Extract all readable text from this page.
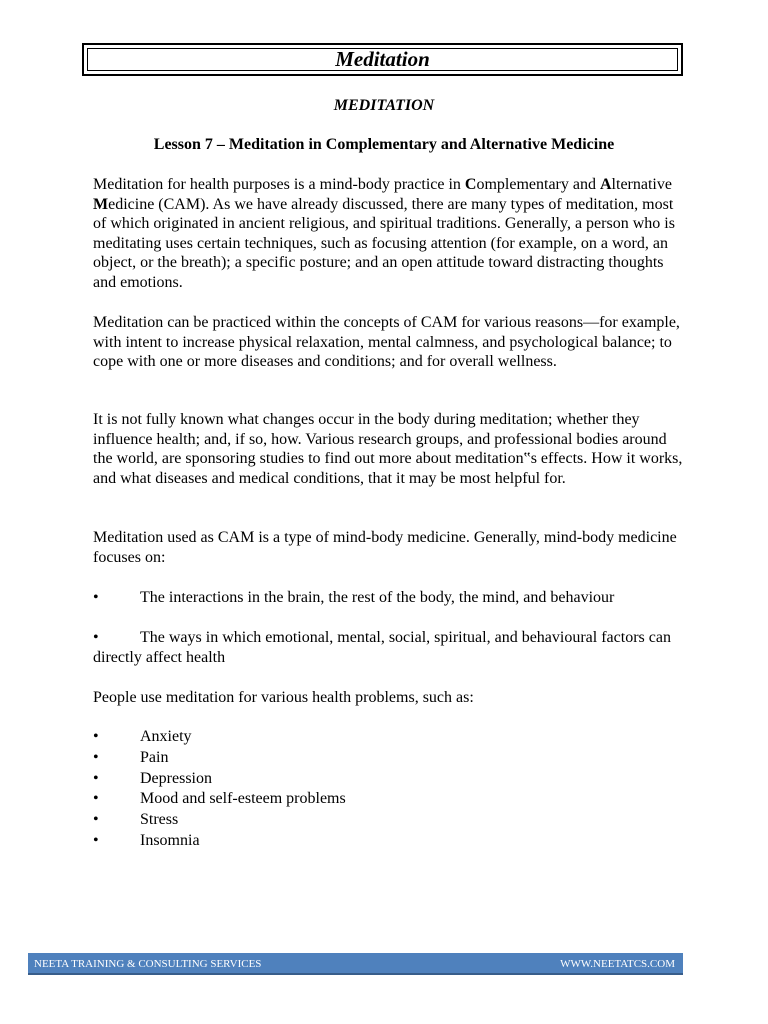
Meditation
MEDITATION
Lesson 7 – Meditation in Complementary and Alternative Medicine

Meditation for health purposes is a mind-body practice in Complementary and Alternative Medicine (CAM). As we have already discussed, there are many types of meditation, most of which originated in ancient religious, and spiritual traditions. Generally, a person who is meditating uses certain techniques, such as focusing attention (for example, on a word, an object, or the breath); a specific posture; and an open attitude toward distracting thoughts and emotions.

Meditation can be practiced within the concepts of CAM for various reasons—for example, with intent to increase physical relaxation, mental calmness, and psychological balance; to cope with one or more diseases and conditions; and for overall wellness.

It is not fully known what changes occur in the body during meditation; whether they influence health; and, if so, how. Various research groups, and professional bodies around the world, are sponsoring studies to find out more about meditation‟s effects. How it works, and what diseases and medical conditions, that it may be most helpful for.

Meditation used as CAM is a type of mind-body medicine. Generally, mind-body medicine focuses on:

•	The interactions in the brain, the rest of the body, the mind, and behaviour
•	The ways in which emotional, mental, social, spiritual, and behavioural factors can directly affect health

People use meditation for various health problems, such as:

•	Anxiety
•	Pain
•	Depression
•	Mood and self-esteem problems
•	Stress
•	Insomnia
NEETA TRAINING & CONSULTING SERVICES	WWW.NEETATCS.COM
